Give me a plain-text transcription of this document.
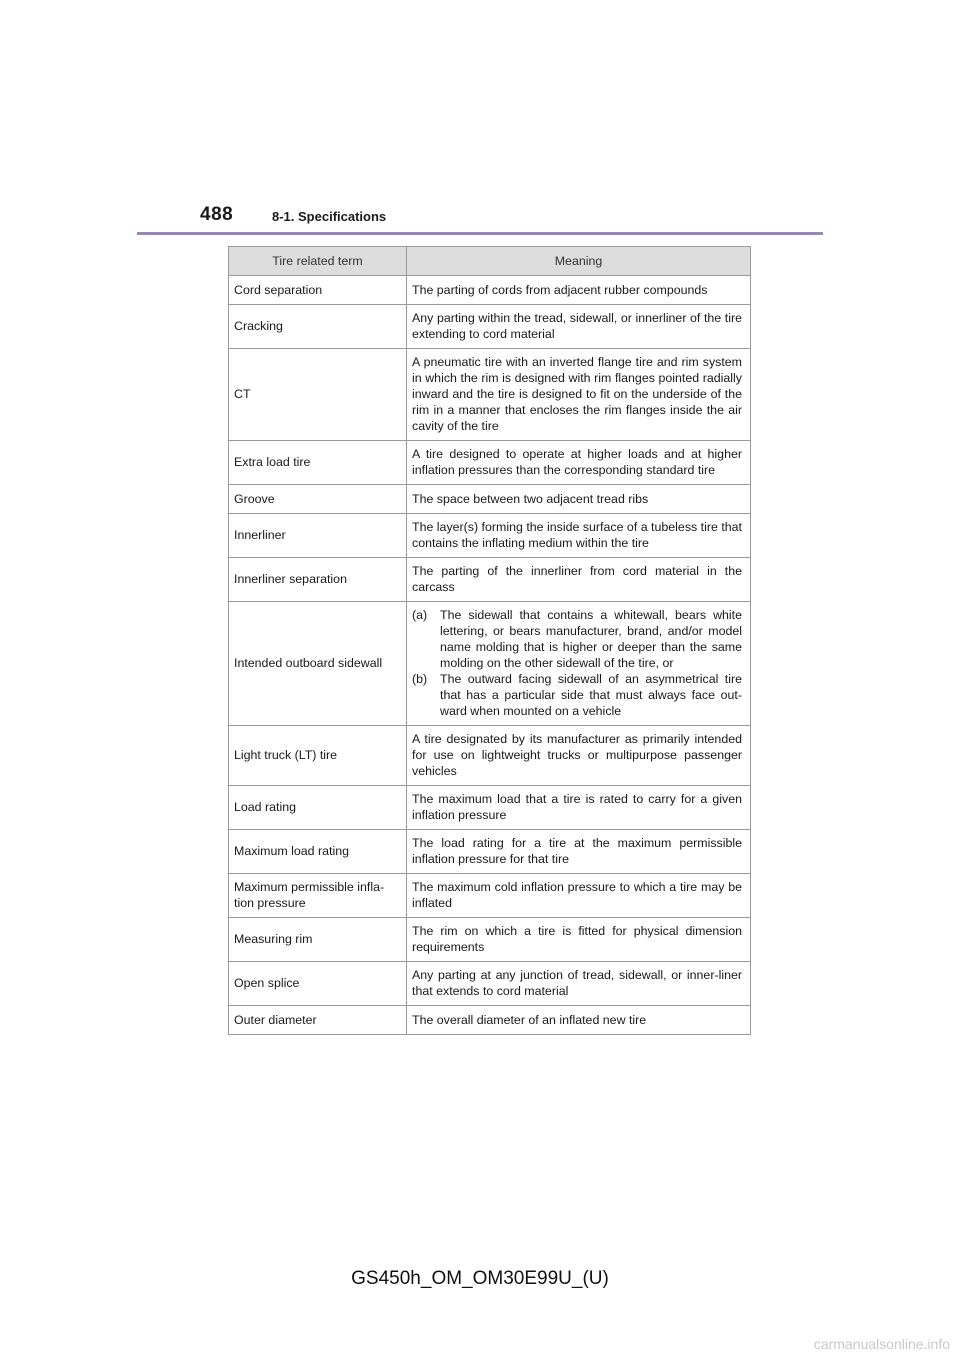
488	8-1. Specifications
Tire related term	Meaning
Cord separation	The parting of cords from adjacent rubber compounds
Cracking	Any parting within the tread, sidewall, or innerliner of the tire extending to cord material
CT	A pneumatic tire with an inverted flange tire and rim system in which the rim is designed with rim flanges pointed radially inward and the tire is designed to fit on the underside of the rim in a manner that encloses the rim flanges inside the air cavity of the tire
Extra load tire	A tire designed to operate at higher loads and at higher inflation pressures than the corresponding standard tire
Groove	The space between two adjacent tread ribs
Innerliner	The layer(s) forming the inside surface of a tubeless tire that contains the inflating medium within the tire
Innerliner separation	The parting of the innerliner from cord material in the carcass
Intended outboard sidewall	(a) The sidewall that contains a whitewall, bears white lettering, or bears manufacturer, brand, and/or model name molding that is higher or deeper than the same molding on the other sidewall of the tire, or
(b) The outward facing sidewall of an asymmetrical tire that has a particular side that must always face out-ward when mounted on a vehicle

Light truck (LT) tire	A tire designated by its manufacturer as primarily intended for use on lightweight trucks or multipurpose passenger vehicles
Load rating	The maximum load that a tire is rated to carry for a given inflation pressure
Maximum load rating	The load rating for a tire at the maximum permissible inflation pressure for that tire
Maximum permissible infla-tion pressure	The maximum cold inflation pressure to which a tire may be inflated
Measuring rim	The rim on which a tire is fitted for physical dimension requirements
Open splice	Any parting at any junction of tread, sidewall, or inner-liner that extends to cord material
Outer diameter	The overall diameter of an inflated new tire
GS450h_OM_OM30E99U_(U)
carmanualsonline.info
